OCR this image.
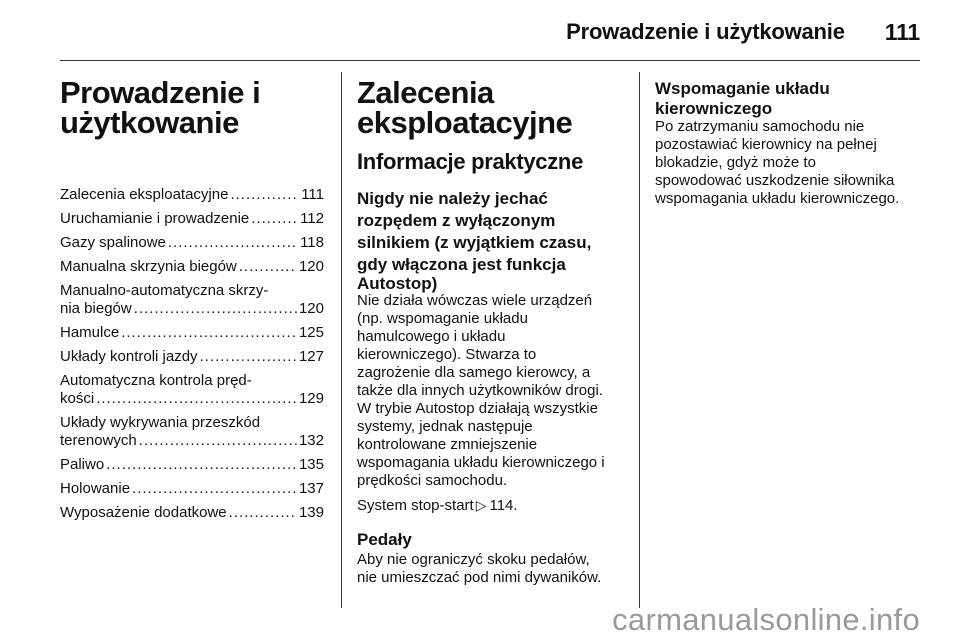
Prowadzenie i użytkowanie 111
Prowadzenie i
użytkowanie
Zalecenia eksploatacyjne .....	111
Uruchamianie i prowadzenie .....	112
Gazy spalinowe .....	118
Manualna skrzynia biegów .....	120
Manualno-automatyczna skrzy-
nia biegów .....	120
Hamulce .....	125
Układy kontroli jazdy .....	127
Automatyczna kontrola pręd-
kości .....	129
Układy wykrywania przeszkód
terenowych .....	132
Paliwo .....	135
Holowanie .....	137
Wyposażenie dodatkowe .....	139
Zalecenia
eksploatacyjne
Informacje praktyczne
Nigdy nie należy jechać
rozpędem z wyłączonym
silnikiem (z wyjątkiem czasu,
gdy włączona jest funkcja
Autostop)
Nie działa wówczas wiele urządzeń
(np. wspomaganie układu
hamulcowego i układu
kierowniczego). Stwarza to
zagrożenie dla samego kierowcy, a
także dla innych użytkowników drogi.
W trybie Autostop działają wszystkie
systemy, jednak następuje
kontrolowane zmniejszenie
wspomagania układu kierowniczego i
prędkości samochodu.
System stop-start ▷ 114.
Pedały
Aby nie ograniczyć skoku pedałów,
nie umieszczać pod nimi dywaników.
Wspomaganie układu
kierowniczego
Po zatrzymaniu samochodu nie
pozostawiać kierownicy na pełnej
blokadzie, gdyż może to
spowodować uszkodzenie siłownika
wspomagania układu kierowniczego.
carmanualsonline.info
